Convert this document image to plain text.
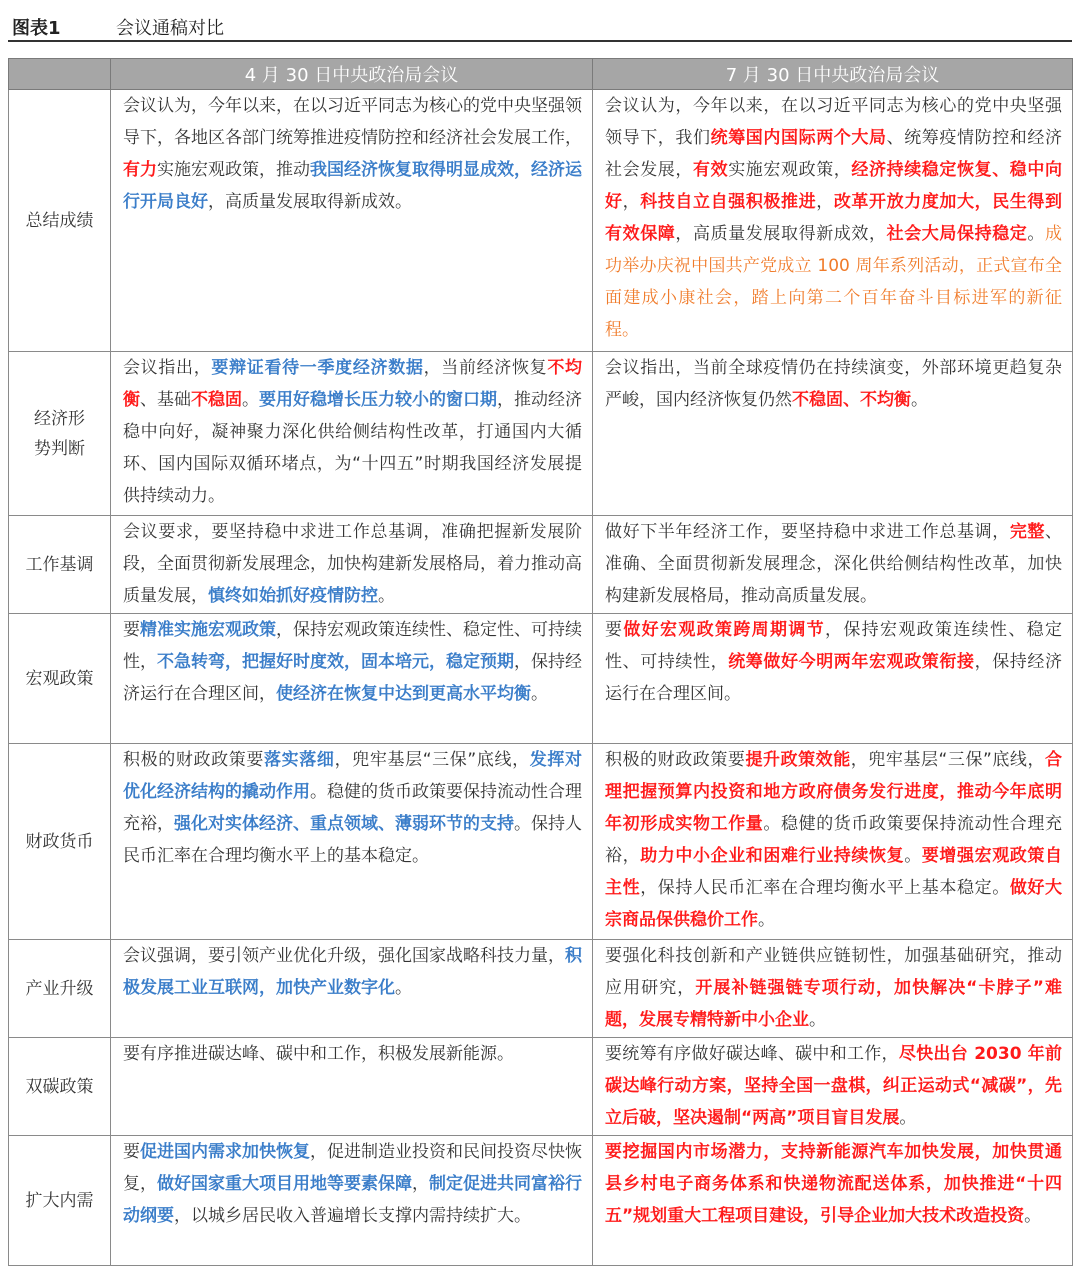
图表1	会议通稿对比
	4 月 30 日中央政治局会议	7 月 30 日中央政治局会议
总结成绩	会议认为，今年以来，在以习近平同志为核心的党中央坚强领导下，各地区各部门统筹推进疫情防控和经济社会发展工作，有力实施宏观政策，推动我国经济恢复取得明显成效，经济运行开局良好，高质量发展取得新成效。	会议认为，今年以来，在以习近平同志为核心的党中央坚强领导下，我们统筹国内国际两个大局、统筹疫情防控和经济社会发展，有效实施宏观政策，经济持续稳定恢复、稳中向好，科技自立自强积极推进，改革开放力度加大，民生得到有效保障，高质量发展取得新成效，社会大局保持稳定。成功举办庆祝中国共产党成立 100 周年系列活动，正式宣布全面建成小康社会，踏上向第二个百年奋斗目标进军的新征程。
经济形势判断	会议指出，要辩证看待一季度经济数据，当前经济恢复不均衡、基础不稳固。要用好稳增长压力较小的窗口期，推动经济稳中向好，凝神聚力深化供给侧结构性改革，打通国内大循环、国内国际双循环堵点，为“十四五”时期我国经济发展提供持续动力。	会议指出，当前全球疫情仍在持续演变，外部环境更趋复杂严峻，国内经济恢复仍然不稳固、不均衡。
工作基调	会议要求，要坚持稳中求进工作总基调，准确把握新发展阶段，全面贯彻新发展理念，加快构建新发展格局，着力推动高质量发展，慎终如始抓好疫情防控。	做好下半年经济工作，要坚持稳中求进工作总基调，完整、准确、全面贯彻新发展理念，深化供给侧结构性改革，加快构建新发展格局，推动高质量发展。
宏观政策	要精准实施宏观政策，保持宏观政策连续性、稳定性、可持续性，不急转弯，把握好时度效，固本培元，稳定预期，保持经济运行在合理区间，使经济在恢复中达到更高水平均衡。	要做好宏观政策跨周期调节，保持宏观政策连续性、稳定性、可持续性，统筹做好今明两年宏观政策衔接，保持经济运行在合理区间。
财政货币	积极的财政政策要落实落细，兜牢基层“三保”底线，发挥对优化经济结构的撬动作用。稳健的货币政策要保持流动性合理充裕，强化对实体经济、重点领域、薄弱环节的支持。保持人民币汇率在合理均衡水平上的基本稳定。	积极的财政政策要提升政策效能，兜牢基层“三保”底线，合理把握预算内投资和地方政府债务发行进度，推动今年底明年初形成实物工作量。稳健的货币政策要保持流动性合理充裕，助力中小企业和困难行业持续恢复。要增强宏观政策自主性，保持人民币汇率在合理均衡水平上基本稳定。做好大宗商品保供稳价工作。
产业升级	会议强调，要引领产业优化升级，强化国家战略科技力量，积极发展工业互联网，加快产业数字化。	要强化科技创新和产业链供应链韧性，加强基础研究，推动应用研究，开展补链强链专项行动，加快解决“卡脖子”难题，发展专精特新中小企业。
双碳政策	要有序推进碳达峰、碳中和工作，积极发展新能源。	要统筹有序做好碳达峰、碳中和工作，尽快出台 2030 年前碳达峰行动方案，坚持全国一盘棋，纠正运动式“减碳”，先立后破，坚决遏制“两高”项目盲目发展。
扩大内需	要促进国内需求加快恢复，促进制造业投资和民间投资尽快恢复，做好国家重大项目用地等要素保障，制定促进共同富裕行动纲要，以城乡居民收入普遍增长支撑内需持续扩大。	要挖掘国内市场潜力，支持新能源汽车加快发展，加快贯通县乡村电子商务体系和快递物流配送体系，加快推进“十四五”规划重大工程项目建设，引导企业加大技术改造投资。
